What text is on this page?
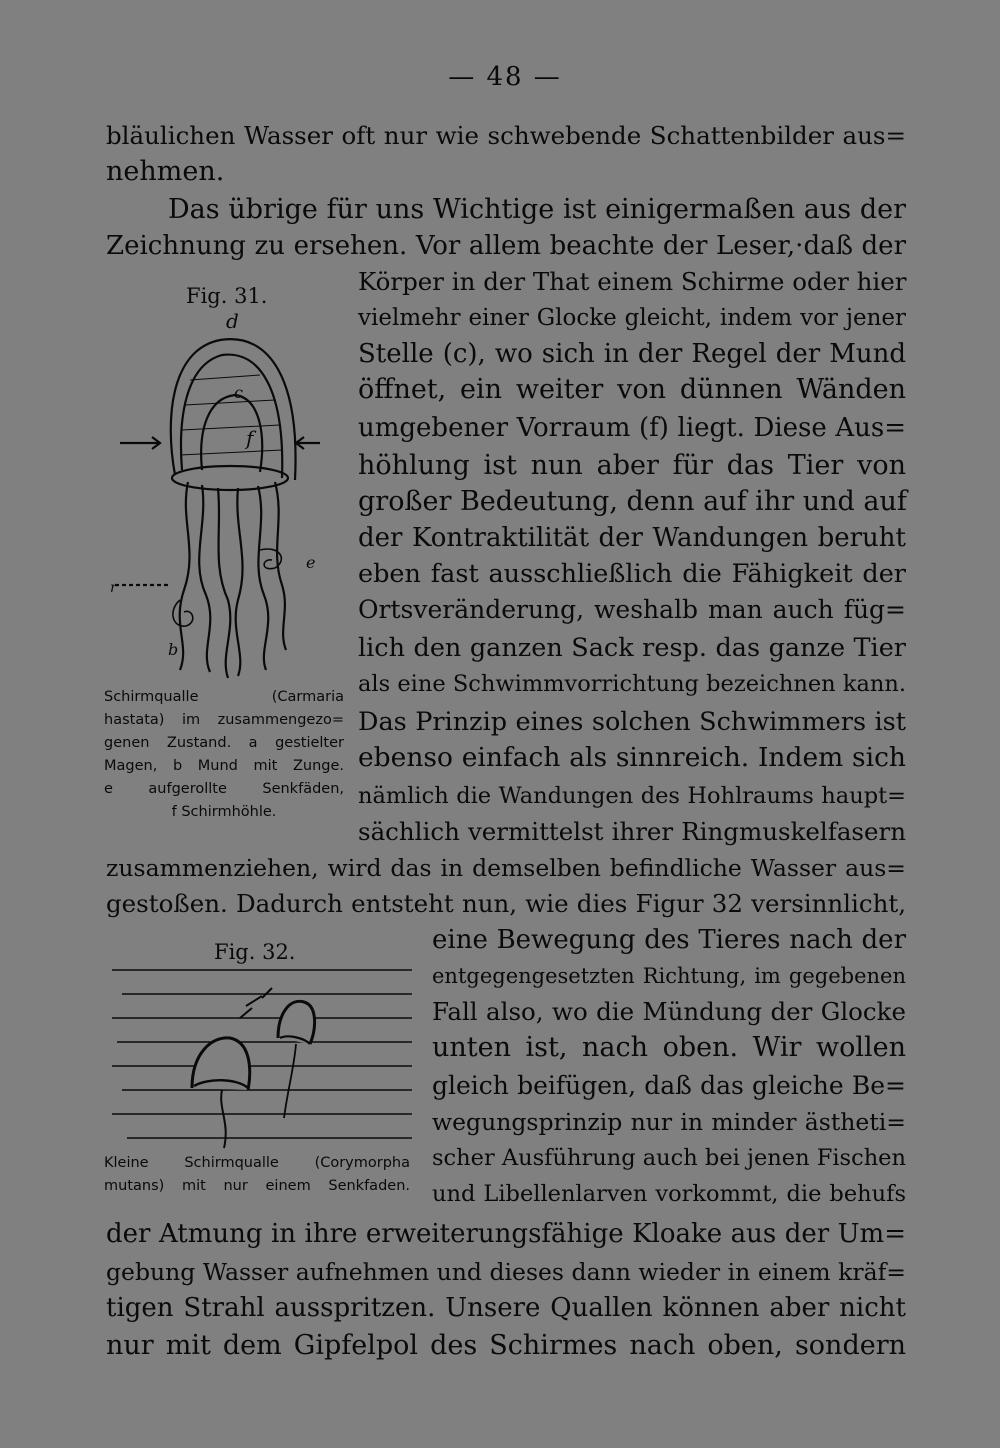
— 48 —
bläulichen Wasser oft nur wie schwebende Schattenbilder aus=
nehmen.
Das übrige für uns Wichtige ist einigermaßen aus der
Zeichnung zu ersehen. Vor allem beachte der Leser,·daß der
Fig. 31.
d
c
f
e
r
b
Schirmqualle (Carmaria
hastata) im zusammengezo=
genen Zustand. a gestielter
Magen, b Mund mit Zunge.
e aufgerollte Senkfäden,
f Schirmhöhle.
Körper in der That einem Schirme oder hier
vielmehr einer Glocke gleicht, indem vor jener
Stelle (c), wo sich in der Regel der Mund
öffnet, ein weiter von dünnen Wänden
umgebener Vorraum (f) liegt. Diese Aus=
höhlung ist nun aber für das Tier von
großer Bedeutung, denn auf ihr und auf
der Kontraktilität der Wandungen beruht
eben fast ausschließlich die Fähigkeit der
Ortsveränderung, weshalb man auch füg=
lich den ganzen Sack resp. das ganze Tier
als eine Schwimmvorrichtung bezeichnen kann.
Das Prinzip eines solchen Schwimmers ist
ebenso einfach als sinnreich. Indem sich
nämlich die Wandungen des Hohlraums haupt=
sächlich vermittelst ihrer Ringmuskelfasern
zusammenziehen, wird das in demselben befindliche Wasser aus=
gestoßen. Dadurch entsteht nun, wie dies Figur 32 versinnlicht,
Fig. 32.
Kleine Schirmqualle (Corymorpha
mutans) mit nur einem Senkfaden.
eine Bewegung des Tieres nach der
entgegengesetzten Richtung, im gegebenen
Fall also, wo die Mündung der Glocke
unten ist, nach oben. Wir wollen
gleich beifügen, daß das gleiche Be=
wegungsprinzip nur in minder ästheti=
scher Ausführung auch bei jenen Fischen
und Libellenlarven vorkommt, die behufs
der Atmung in ihre erweiterungsfähige Kloake aus der Um=
gebung Wasser aufnehmen und dieses dann wieder in einem kräf=
tigen Strahl ausspritzen. Unsere Quallen können aber nicht
nur mit dem Gipfelpol des Schirmes nach oben, sondern
